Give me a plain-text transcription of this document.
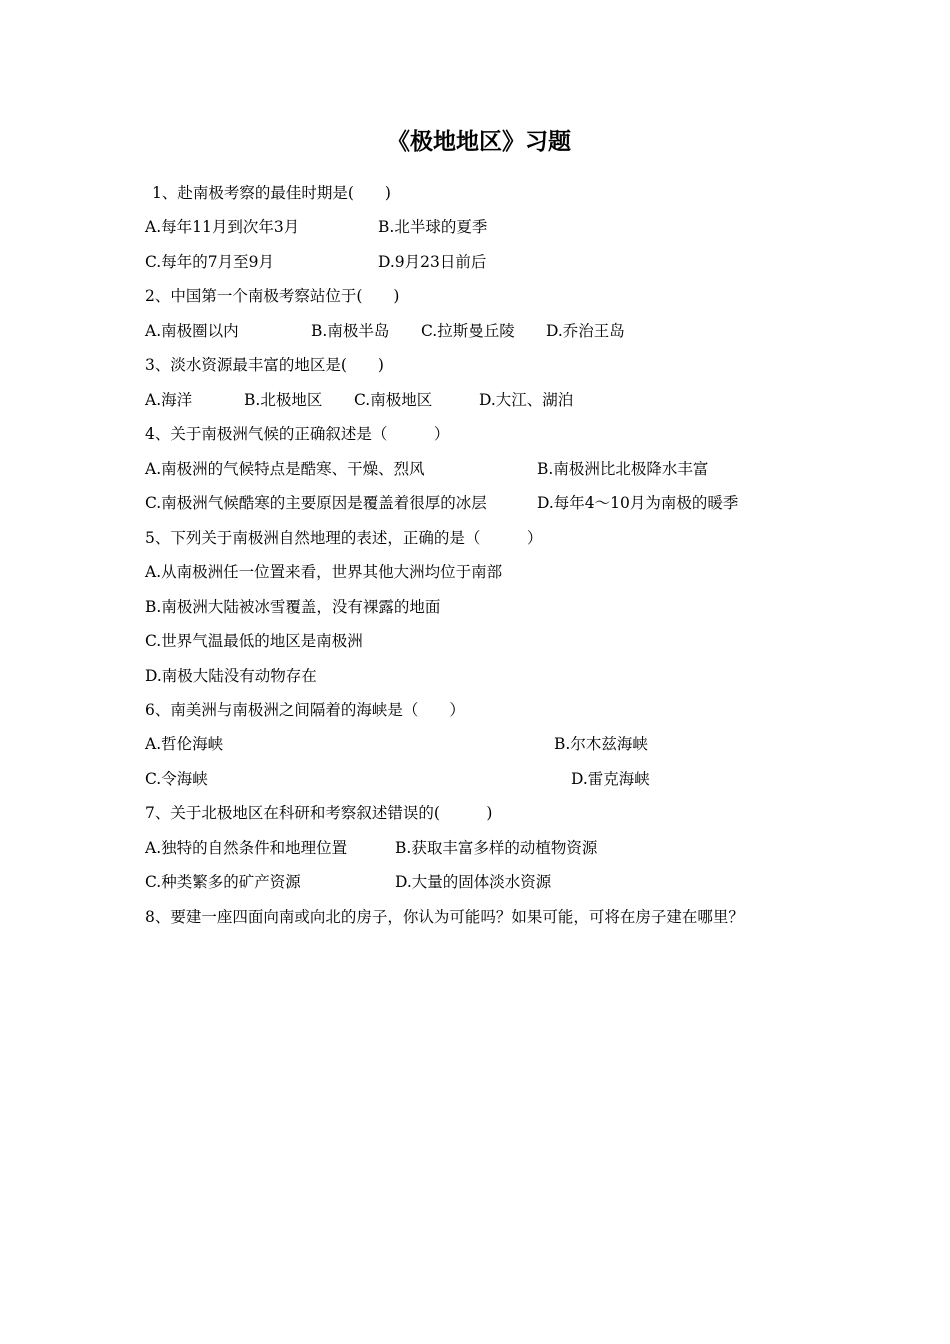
《极地地区》习题
1、赴南极考察的最佳时期是(　　)
A.每年11月到次年3月	B.北半球的夏季
C.每年的7月至9月	D.9月23日前后
2、中国第一个南极考察站位于(　　)
A.南极圈以内	B.南极半岛 C.拉斯曼丘陵 D.乔治王岛
3、淡水资源最丰富的地区是(　　)
A.海洋	B.北极地区 C.南极地区	D.大江、湖泊
4、关于南极洲气候的正确叙述是（　　　）
A.南极洲的气候特点是酷寒、干燥、烈风	B.南极洲比北极降水丰富
C.南极洲气候酷寒的主要原因是覆盖着很厚的冰层	D.每年4～10月为南极的暖季
5、下列关于南极洲自然地理的表述，正确的是（　　　）
A.从南极洲任一位置来看，世界其他大洲均位于南部
B.南极洲大陆被冰雪覆盖，没有裸露的地面
C.世界气温最低的地区是南极洲
D.南极大陆没有动物存在
6、南美洲与南极洲之间隔着的海峡是（　　）
A.哲伦海峡	B.尔木兹海峡
C.令海峡	D.雷克海峡
7、关于北极地区在科研和考察叙述错误的(　　　)
A.独特的自然条件和地理位置	B.获取丰富多样的动植物资源
C.种类繁多的矿产资源	D.大量的固体淡水资源
8、要建一座四面向南或向北的房子，你认为可能吗？如果可能，可将在房子建在哪里？
